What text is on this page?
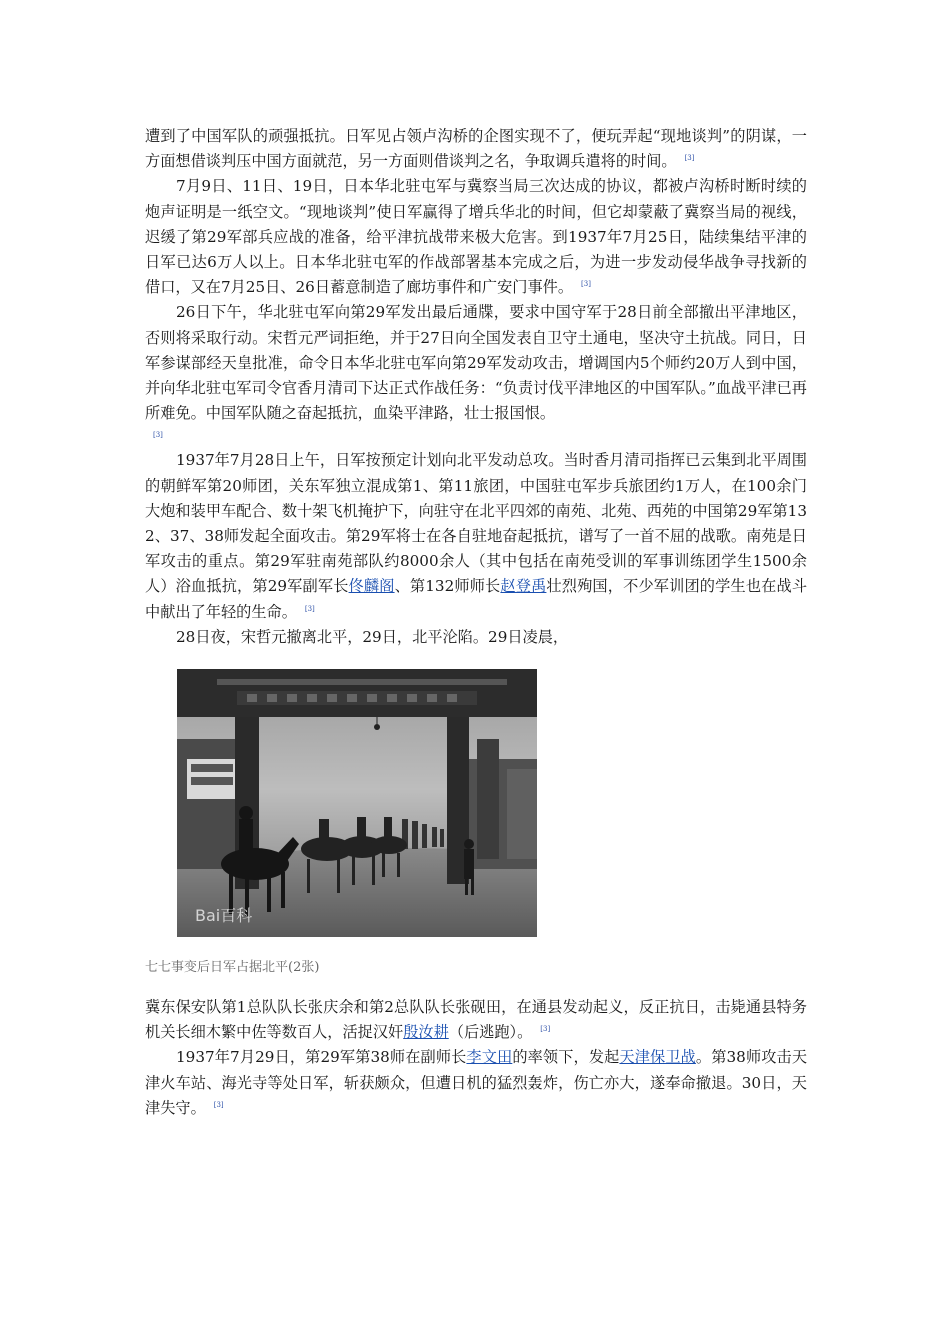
遭到了中国军队的顽强抵抗。日军见占领卢沟桥的企图实现不了，便玩弄起“现地谈判”的阴谋，一方面想借谈判压中国方面就范，另一方面则借谈判之名，争取调兵遣将的时间。 [3]

7月9日、11日、19日，日本华北驻屯军与冀察当局三次达成的协议，都被卢沟桥时断时续的炮声证明是一纸空文。“现地谈判”使日军赢得了增兵华北的时间，但它却蒙蔽了冀察当局的视线，迟缓了第29军部兵应战的准备，给平津抗战带来极大危害。到1937年7月25日，陆续集结平津的日军已达6万人以上。日本华北驻屯军的作战部署基本完成之后，为进一步发动侵华战争寻找新的借口，又在7月25日、26日蓄意制造了廊坊事件和广安门事件。 [3]

26日下午，华北驻屯军向第29军发出最后通牒，要求中国守军于28日前全部撤出平津地区，否则将采取行动。宋哲元严词拒绝，并于27日向全国发表自卫守土通电，坚决守土抗战。同日，日军参谋部经天皇批准，命令日本华北驻屯军向第29军发动攻击，增调国内5个师约20万人到中国，并向华北驻屯军司令官香月清司下达正式作战任务：“负责讨伐平津地区的中国军队。”血战平津已再所难免。中国军队随之奋起抵抗，血染平津路，壮士报国恨。

[3]

1937年7月28日上午，日军按预定计划向北平发动总攻。当时香月清司指挥已云集到北平周围的朝鲜军第20师团，关东军独立混成第1、第11旅团，中国驻屯军步兵旅团约1万人，在100余门大炮和装甲车配合、数十架飞机掩护下，向驻守在北平四郊的南苑、北苑、西苑的中国第29军第132、37、38师发起全面攻击。第29军将士在各自驻地奋起抵抗，谱写了一首不屈的战歌。南苑是日军攻击的重点。第29军驻南苑部队约8000余人（其中包括在南苑受训的军事训练团学生1500余人）浴血抵抗，第29军副军长佟麟阁、第132师师长赵登禹壮烈殉国，不少军训团的学生也在战斗中献出了年轻的生命。 [3]

28日夜，宋哲元撤离北平，29日，北平沦陷。29日凌晨，

Bai百科
七七事变后日军占据北平(2张)

冀东保安队第1总队队长张庆余和第2总队队长张砚田，在通县发动起义，反正抗日，击毙通县特务机关长细木繁中佐等数百人，活捉汉奸殷汝耕（后逃跑）。 [3]

1937年7月29日，第29军第38师在副师长李文田的率领下，发起天津保卫战。第38师攻击天津火车站、海光寺等处日军，斩获颇众，但遭日机的猛烈轰炸，伤亡亦大，遂奉命撤退。30日，天津失守。 [3]
